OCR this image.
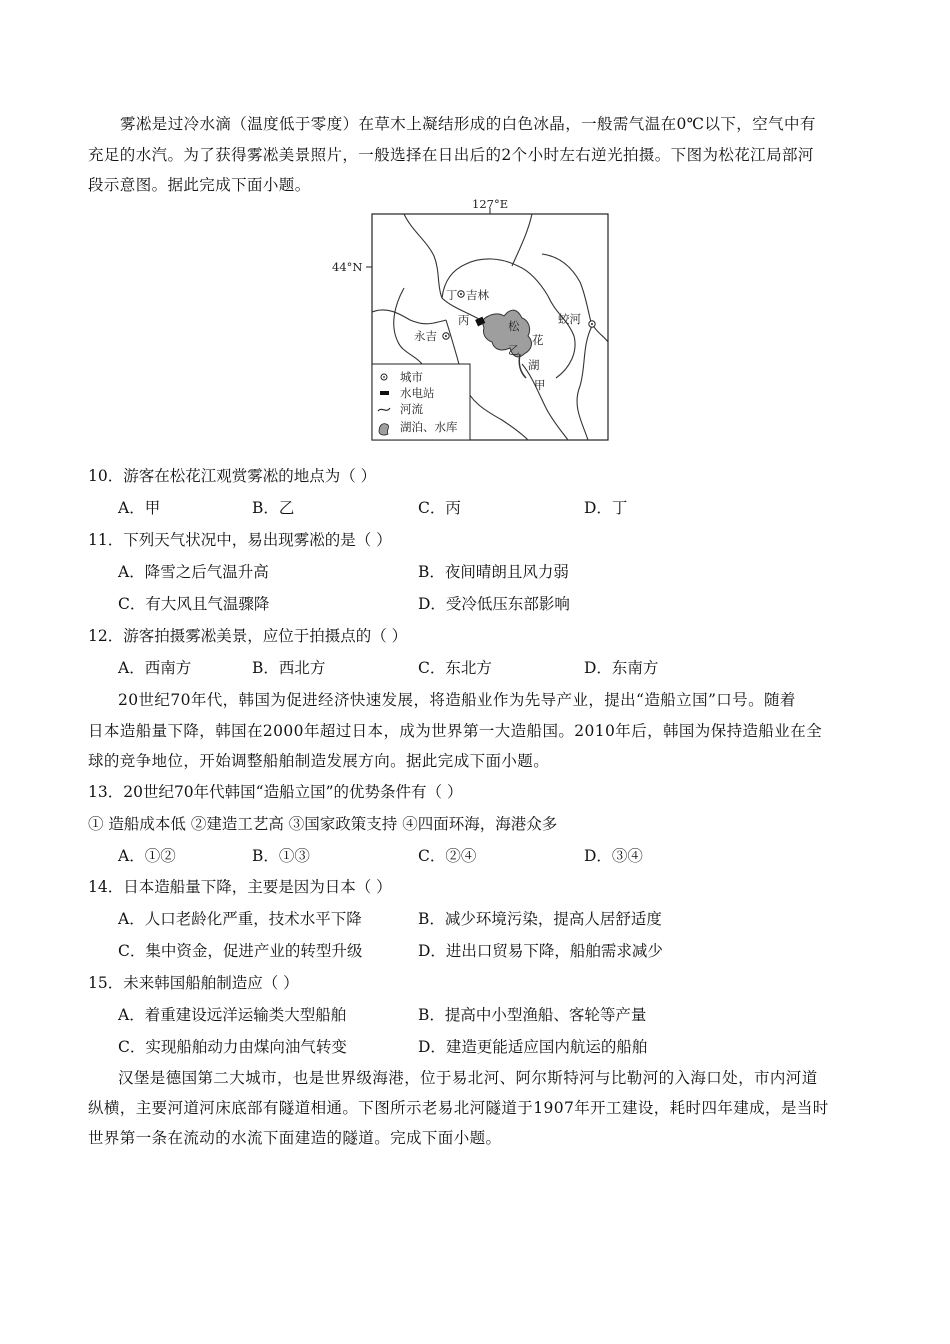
雾凇是过冷水滴（温度低于零度）在草木上凝结形成的白色冰晶，一般需气温在0℃以下，空气中有
充足的水汽。为了获得雾凇美景照片，一般选择在日出后的2个小时左右逆光拍摄。下图为松花江局部河
段示意图。据此完成下面小题。
127°E
44°N
丁 吉林
丙	松
花
乙
湖
甲
永吉
蛟河
城市
水电站
河流
湖泊、水库
10．游客在松花江观赏雾凇的地点为（ ）
A．甲	B．乙	C．丙	D．丁
11．下列天气状况中，易出现雾凇的是（ ）
A．降雪之后气温升高	B．夜间晴朗且风力弱
C．有大风且气温骤降	D．受冷低压东部影响
12．游客拍摄雾凇美景，应位于拍摄点的（ ）
A．西南方	B．西北方	C．东北方	D．东南方
20世纪70年代，韩国为促进经济快速发展，将造船业作为先导产业，提出“造船立国”口号。随着
日本造船量下降，韩国在2000年超过日本，成为世界第一大造船国。2010年后，韩国为保持造船业在全
球的竞争地位，开始调整船舶制造发展方向。据此完成下面小题。
13．20世纪70年代韩国“造船立国”的优势条件有（ ）
① 造船成本低 ②建造工艺高 ③国家政策支持 ④四面环海，海港众多
A．①②	B．①③	C．②④	D．③④
14．日本造船量下降，主要是因为日本（ ）
A．人口老龄化严重，技术水平下降	B．减少环境污染，提高人居舒适度
C．集中资金，促进产业的转型升级	D．进出口贸易下降，船舶需求减少
15．未来韩国船舶制造应（ ）
A．着重建设远洋运输类大型船舶	B．提高中小型渔船、客轮等产量
C．实现船舶动力由煤向油气转变	D．建造更能适应国内航运的船舶
汉堡是德国第二大城市，也是世界级海港，位于易北河、阿尔斯特河与比勒河的入海口处，市内河道
纵横，主要河道河床底部有隧道相通。下图所示老易北河隧道于1907年开工建设，耗时四年建成，是当时
世界第一条在流动的水流下面建造的隧道。完成下面小题。
